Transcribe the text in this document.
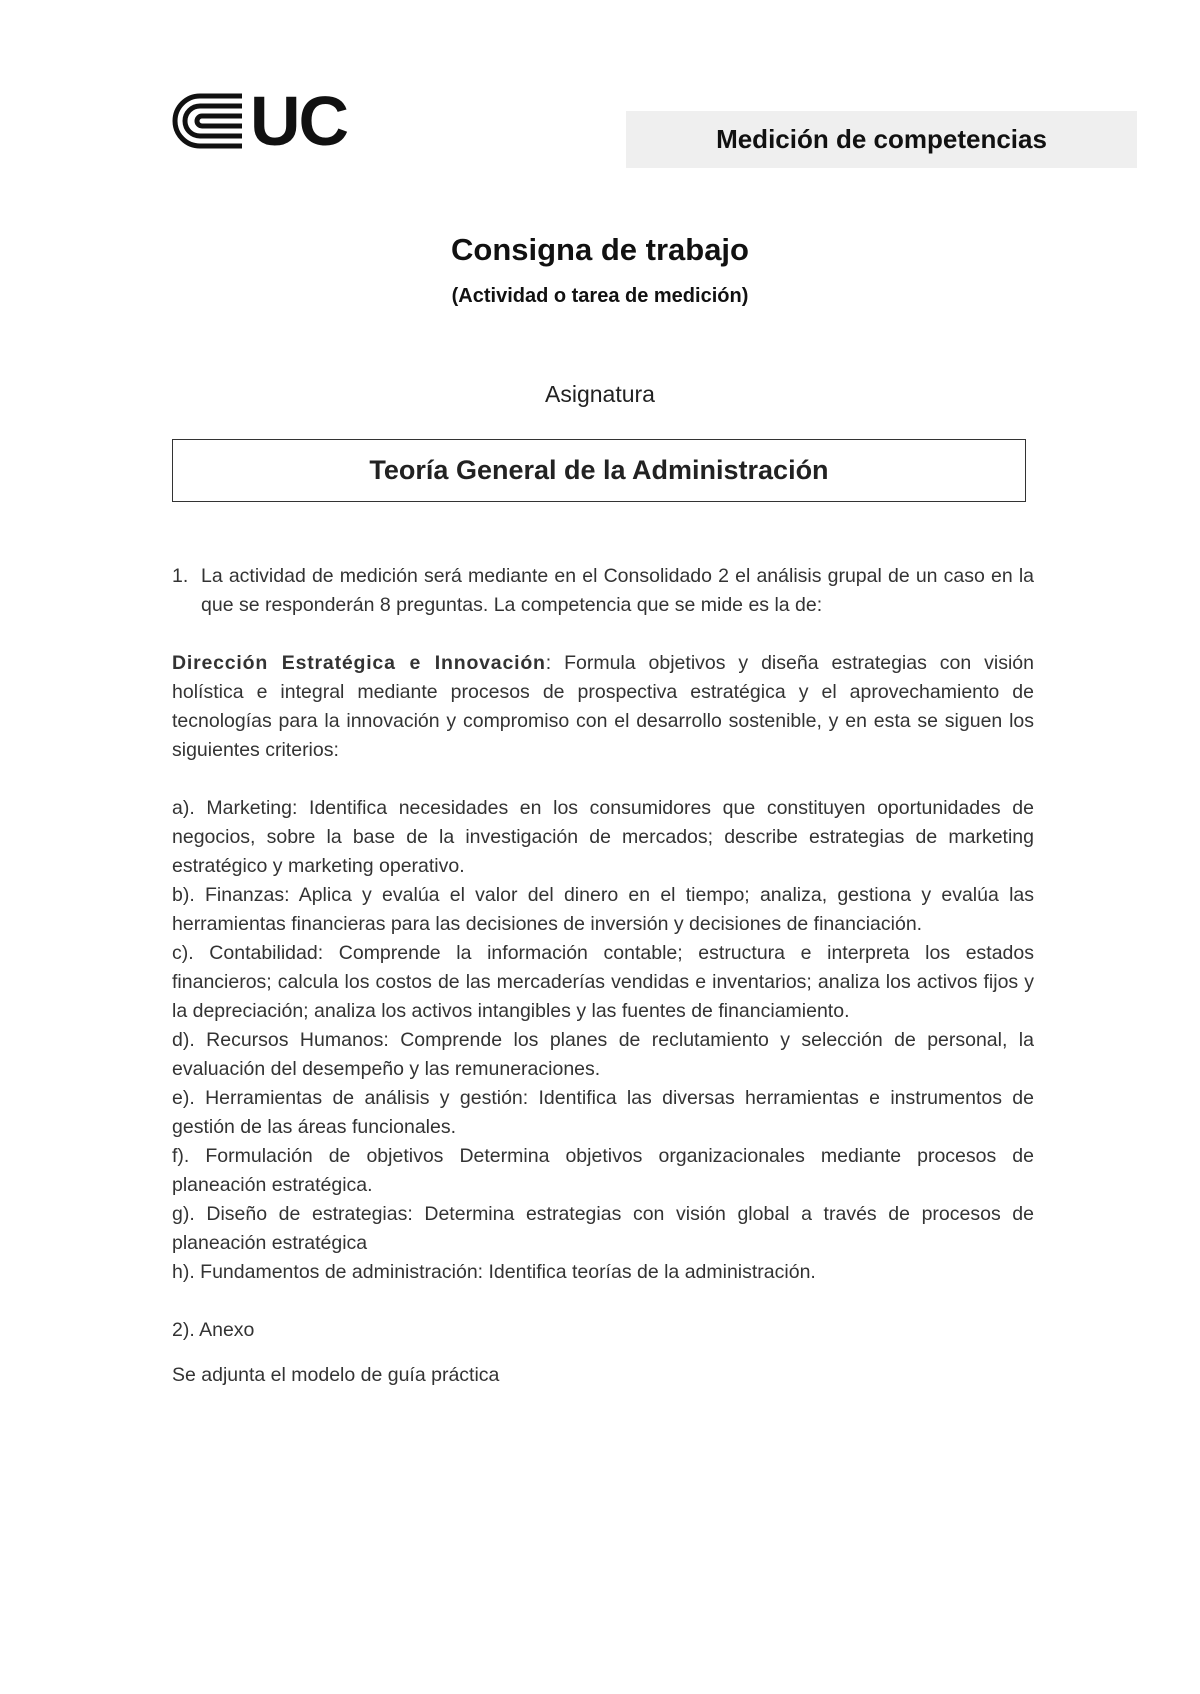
UC	Medición de competencias
Consigna de trabajo
(Actividad o tarea de medición)
Asignatura
Teoría General de la Administración
1. La actividad de medición será mediante en el Consolidado 2 el análisis grupal de un caso en la que se responderán 8 preguntas. La competencia que se mide es la de:

Dirección Estratégica e Innovación: Formula objetivos y diseña estrategias con visión holística e integral mediante procesos de prospectiva estratégica y el aprovechamiento de tecnologías para la innovación y compromiso con el desarrollo sostenible, y en esta se siguen los siguientes criterios:

a). Marketing: Identifica necesidades en los consumidores que constituyen oportunidades de negocios, sobre la base de la investigación de mercados; describe estrategias de marketing estratégico y marketing operativo.

b). Finanzas: Aplica y evalúa el valor del dinero en el tiempo; analiza, gestiona y evalúa las herramientas financieras para las decisiones de inversión y decisiones de financiación.

c). Contabilidad: Comprende la información contable; estructura e interpreta los estados financieros; calcula los costos de las mercaderías vendidas e inventarios; analiza los activos fijos y la depreciación; analiza los activos intangibles y las fuentes de financiamiento.

d). Recursos Humanos: Comprende los planes de reclutamiento y selección de personal, la evaluación del desempeño y las remuneraciones.

e). Herramientas de análisis y gestión: Identifica las diversas herramientas e instrumentos de gestión de las áreas funcionales.

f). Formulación de objetivos Determina objetivos organizacionales mediante procesos de planeación estratégica.

g). Diseño de estrategias: Determina estrategias con visión global a través de procesos de planeación estratégica

h). Fundamentos de administración: Identifica teorías de la administración.

2). Anexo

Se adjunta el modelo de guía práctica
